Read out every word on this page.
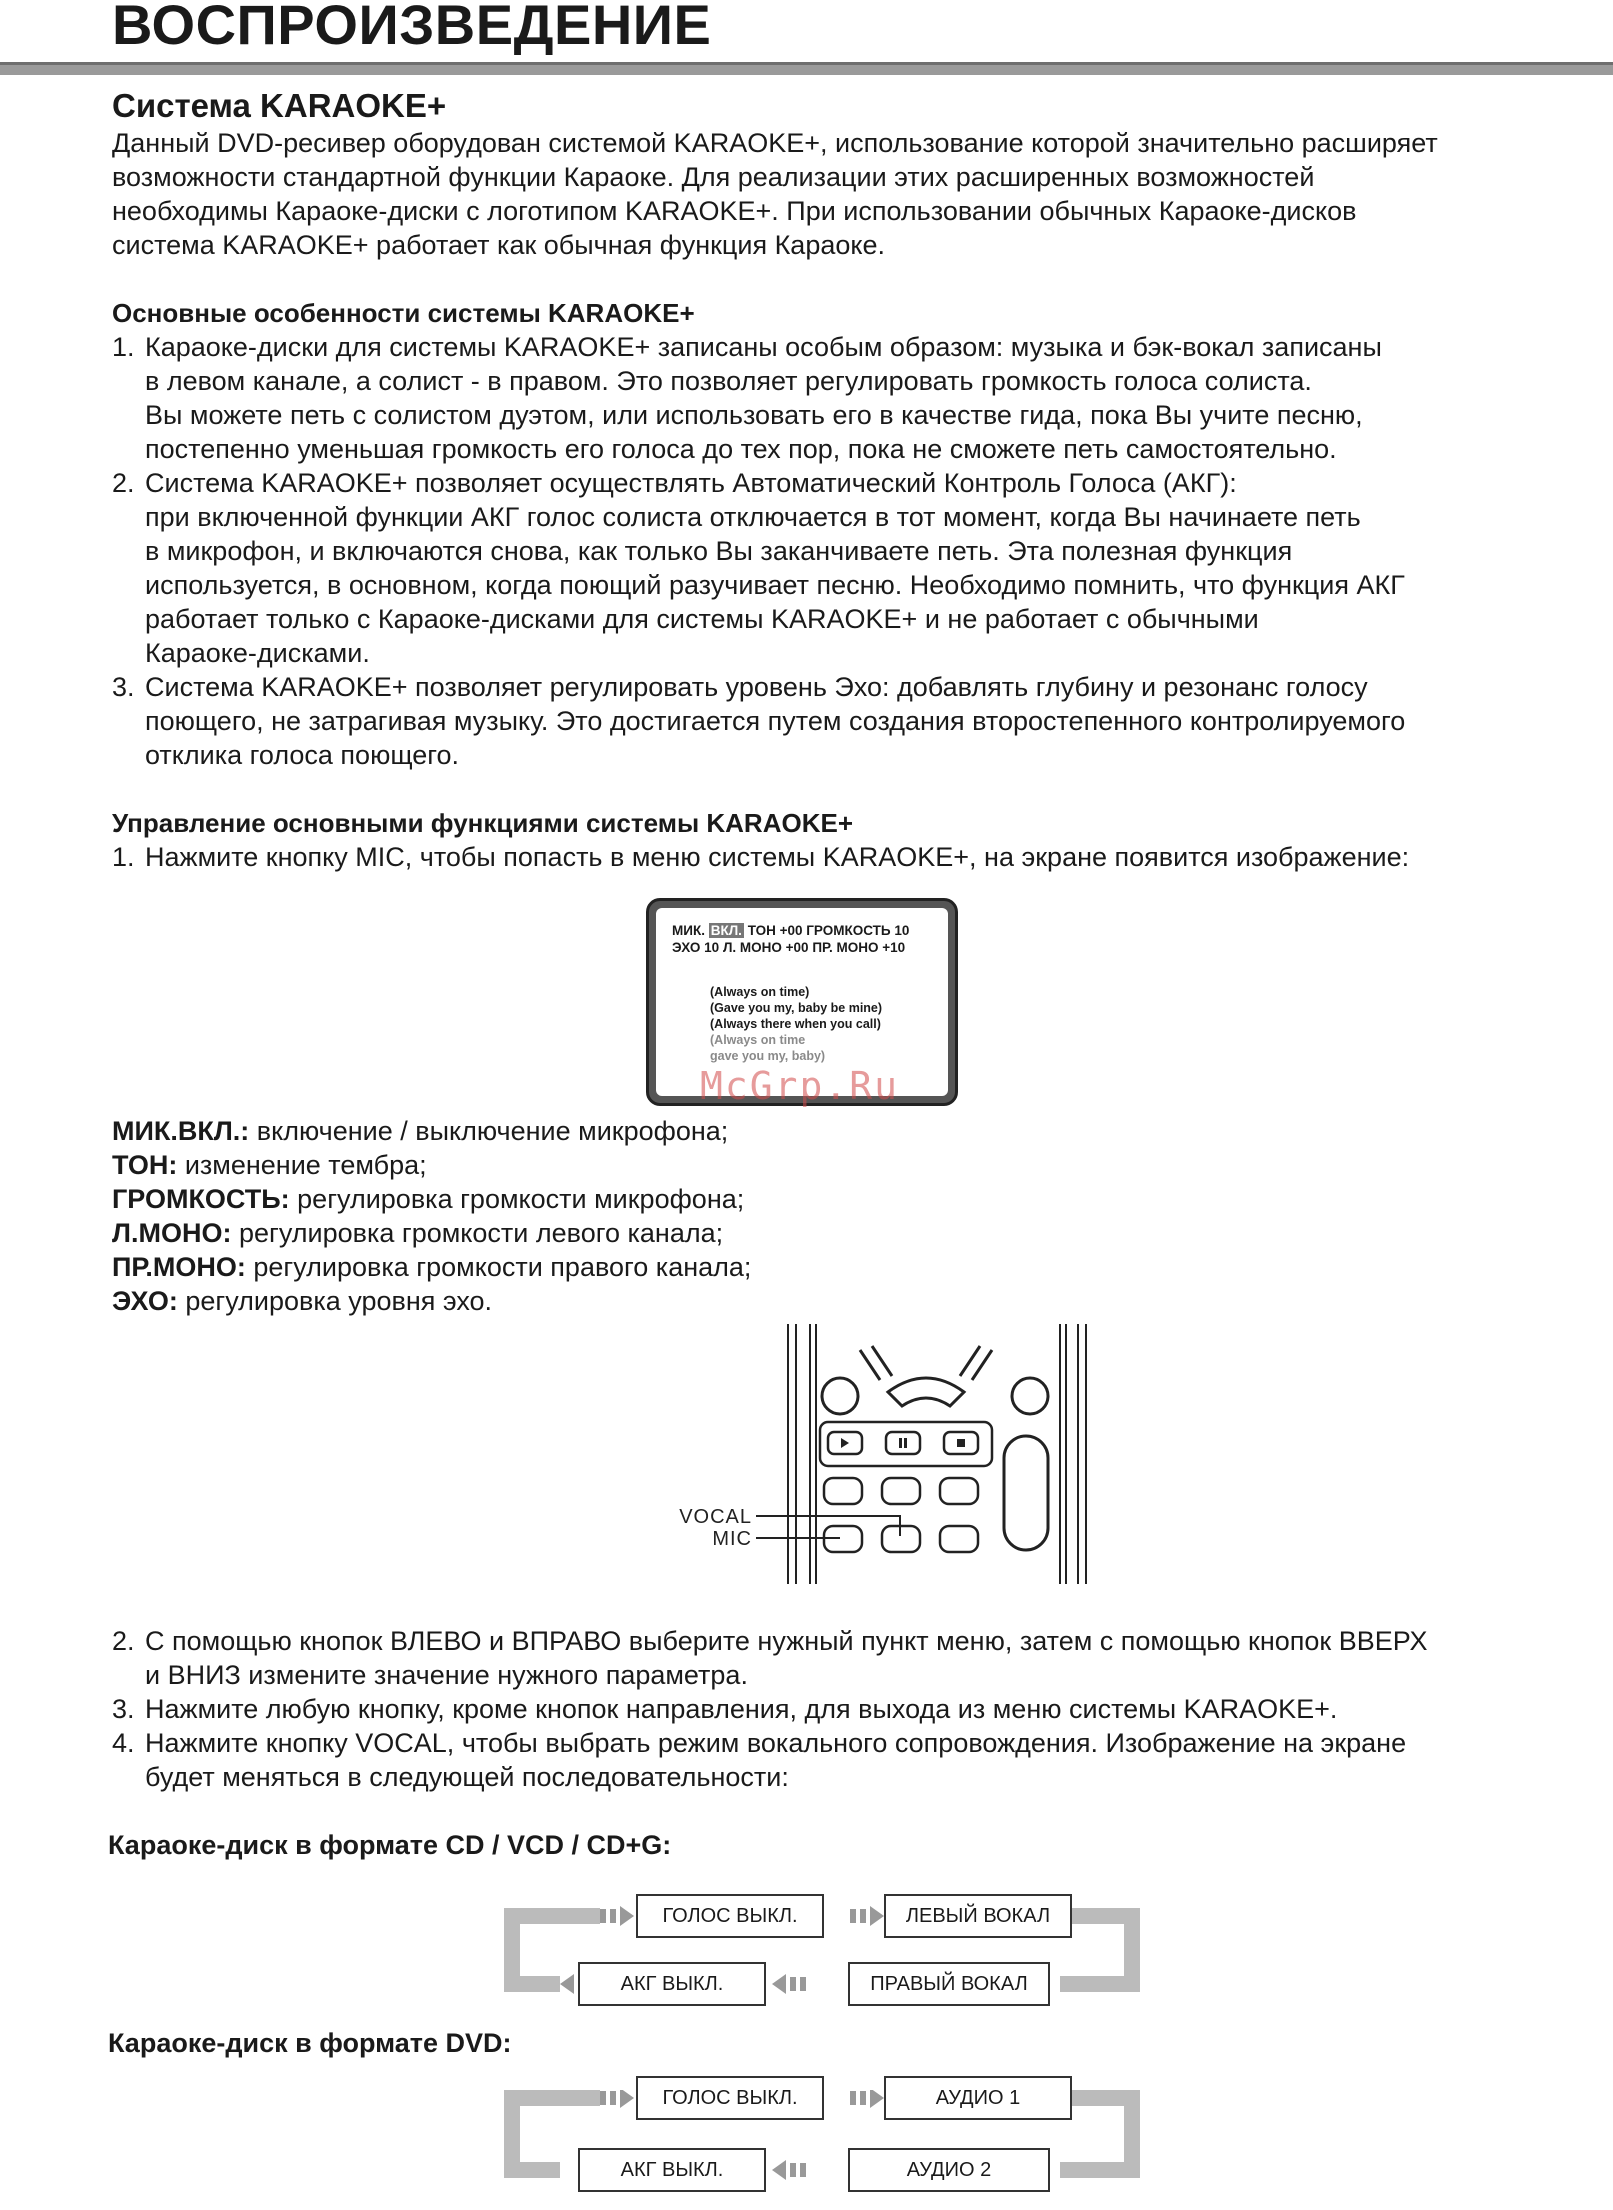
ВОСПРОИЗВЕДЕНИЕ
Система KARAOKE+

Данный DVD-ресивер оборудован системой KARAOKE+, использование которой значительно расширяет

возможности стандартной функции Караоке. Для реализации этих расширенных возможностей

необходимы Караоке-диски с логотипом KARAOKE+. При использовании обычных Караоке-дисков

система KARAOKE+ работает как обычная функция Караоке.

Основные особенности системы KARAOKE+
1. Караоке-диски для системы KARAOKE+ записаны особым образом: музыка и бэк-вокал записаны

в левом канале, а солист - в правом. Это позволяет регулировать громкость голоса солиста.

Вы можете петь с солистом дуэтом, или использовать его в качестве гида, пока Вы учите песню,

постепенно уменьшая громкость его голоса до тех пор, пока не сможете петь самостоятельно.

2. Система KARAOKE+ позволяет осуществлять Автоматический Контроль Голоса (АКГ):

при включенной функции АКГ голос солиста отключается в тот момент, когда Вы начинаете петь

в микрофон, и включаются снова, как только Вы заканчиваете петь. Эта полезная функция

используется, в основном, когда поющий разучивает песню. Необходимо помнить, что функция АКГ

работает только с Караоке-дисками для системы KARAOKE+ и не работает с обычными

Караоке-дисками.

3. Система KARAOKE+ позволяет регулировать уровень Эхо: добавлять глубину и резонанс голосу

поющего, не затрагивая музыку. Это достигается путем создания второстепенного контролируемого

отклика голоса поющего.

Управление основными функциями системы KARAOKE+
1. Нажмите кнопку MIC, чтобы попасть в меню системы KARAOKE+, на экране появится изображение:

МИК. ВКЛ. ТОН +00 ГРОМКОСТЬ 10
ЭХО 10 Л. МОНО +00 ПР. МОНО +10
(Always on time)
(Gave you my, baby be mine)
(Always there when you call)
(Always on time
gave you my, baby)
McGrp.Ru
МИК.ВКЛ.: включение / выключение микрофона;
ТОН: изменение тембра;
ГРОМКОСТЬ: регулировка громкости микрофона;
Л.МОНО: регулировка громкости левого канала;
ПР.МОНО: регулировка громкости правого канала;
ЭХО: регулировка уровня эхо.
VOCAL
MIC
2. С помощью кнопок ВЛЕВО и ВПРАВО выберите нужный пункт меню, затем с помощью кнопок ВВЕРХ

и ВНИЗ измените значение нужного параметра.

3. Нажмите любую кнопку, кроме кнопок направления, для выхода из меню системы KARAOKE+.

4. Нажмите кнопку VOCAL, чтобы выбрать режим вокального сопровождения. Изображение на экране

будет меняться в следующей последовательности:

Караоке-диск в формате CD / VCD / CD+G:
ГОЛОС ВЫКЛ.	ЛЕВЫЙ ВОКАЛ
АКГ ВЫКЛ.	ПРАВЫЙ ВОКАЛ
Караоке-диск в формате DVD:
ГОЛОС ВЫКЛ.	АУДИО 1
АКГ ВЫКЛ.	АУДИО 2
